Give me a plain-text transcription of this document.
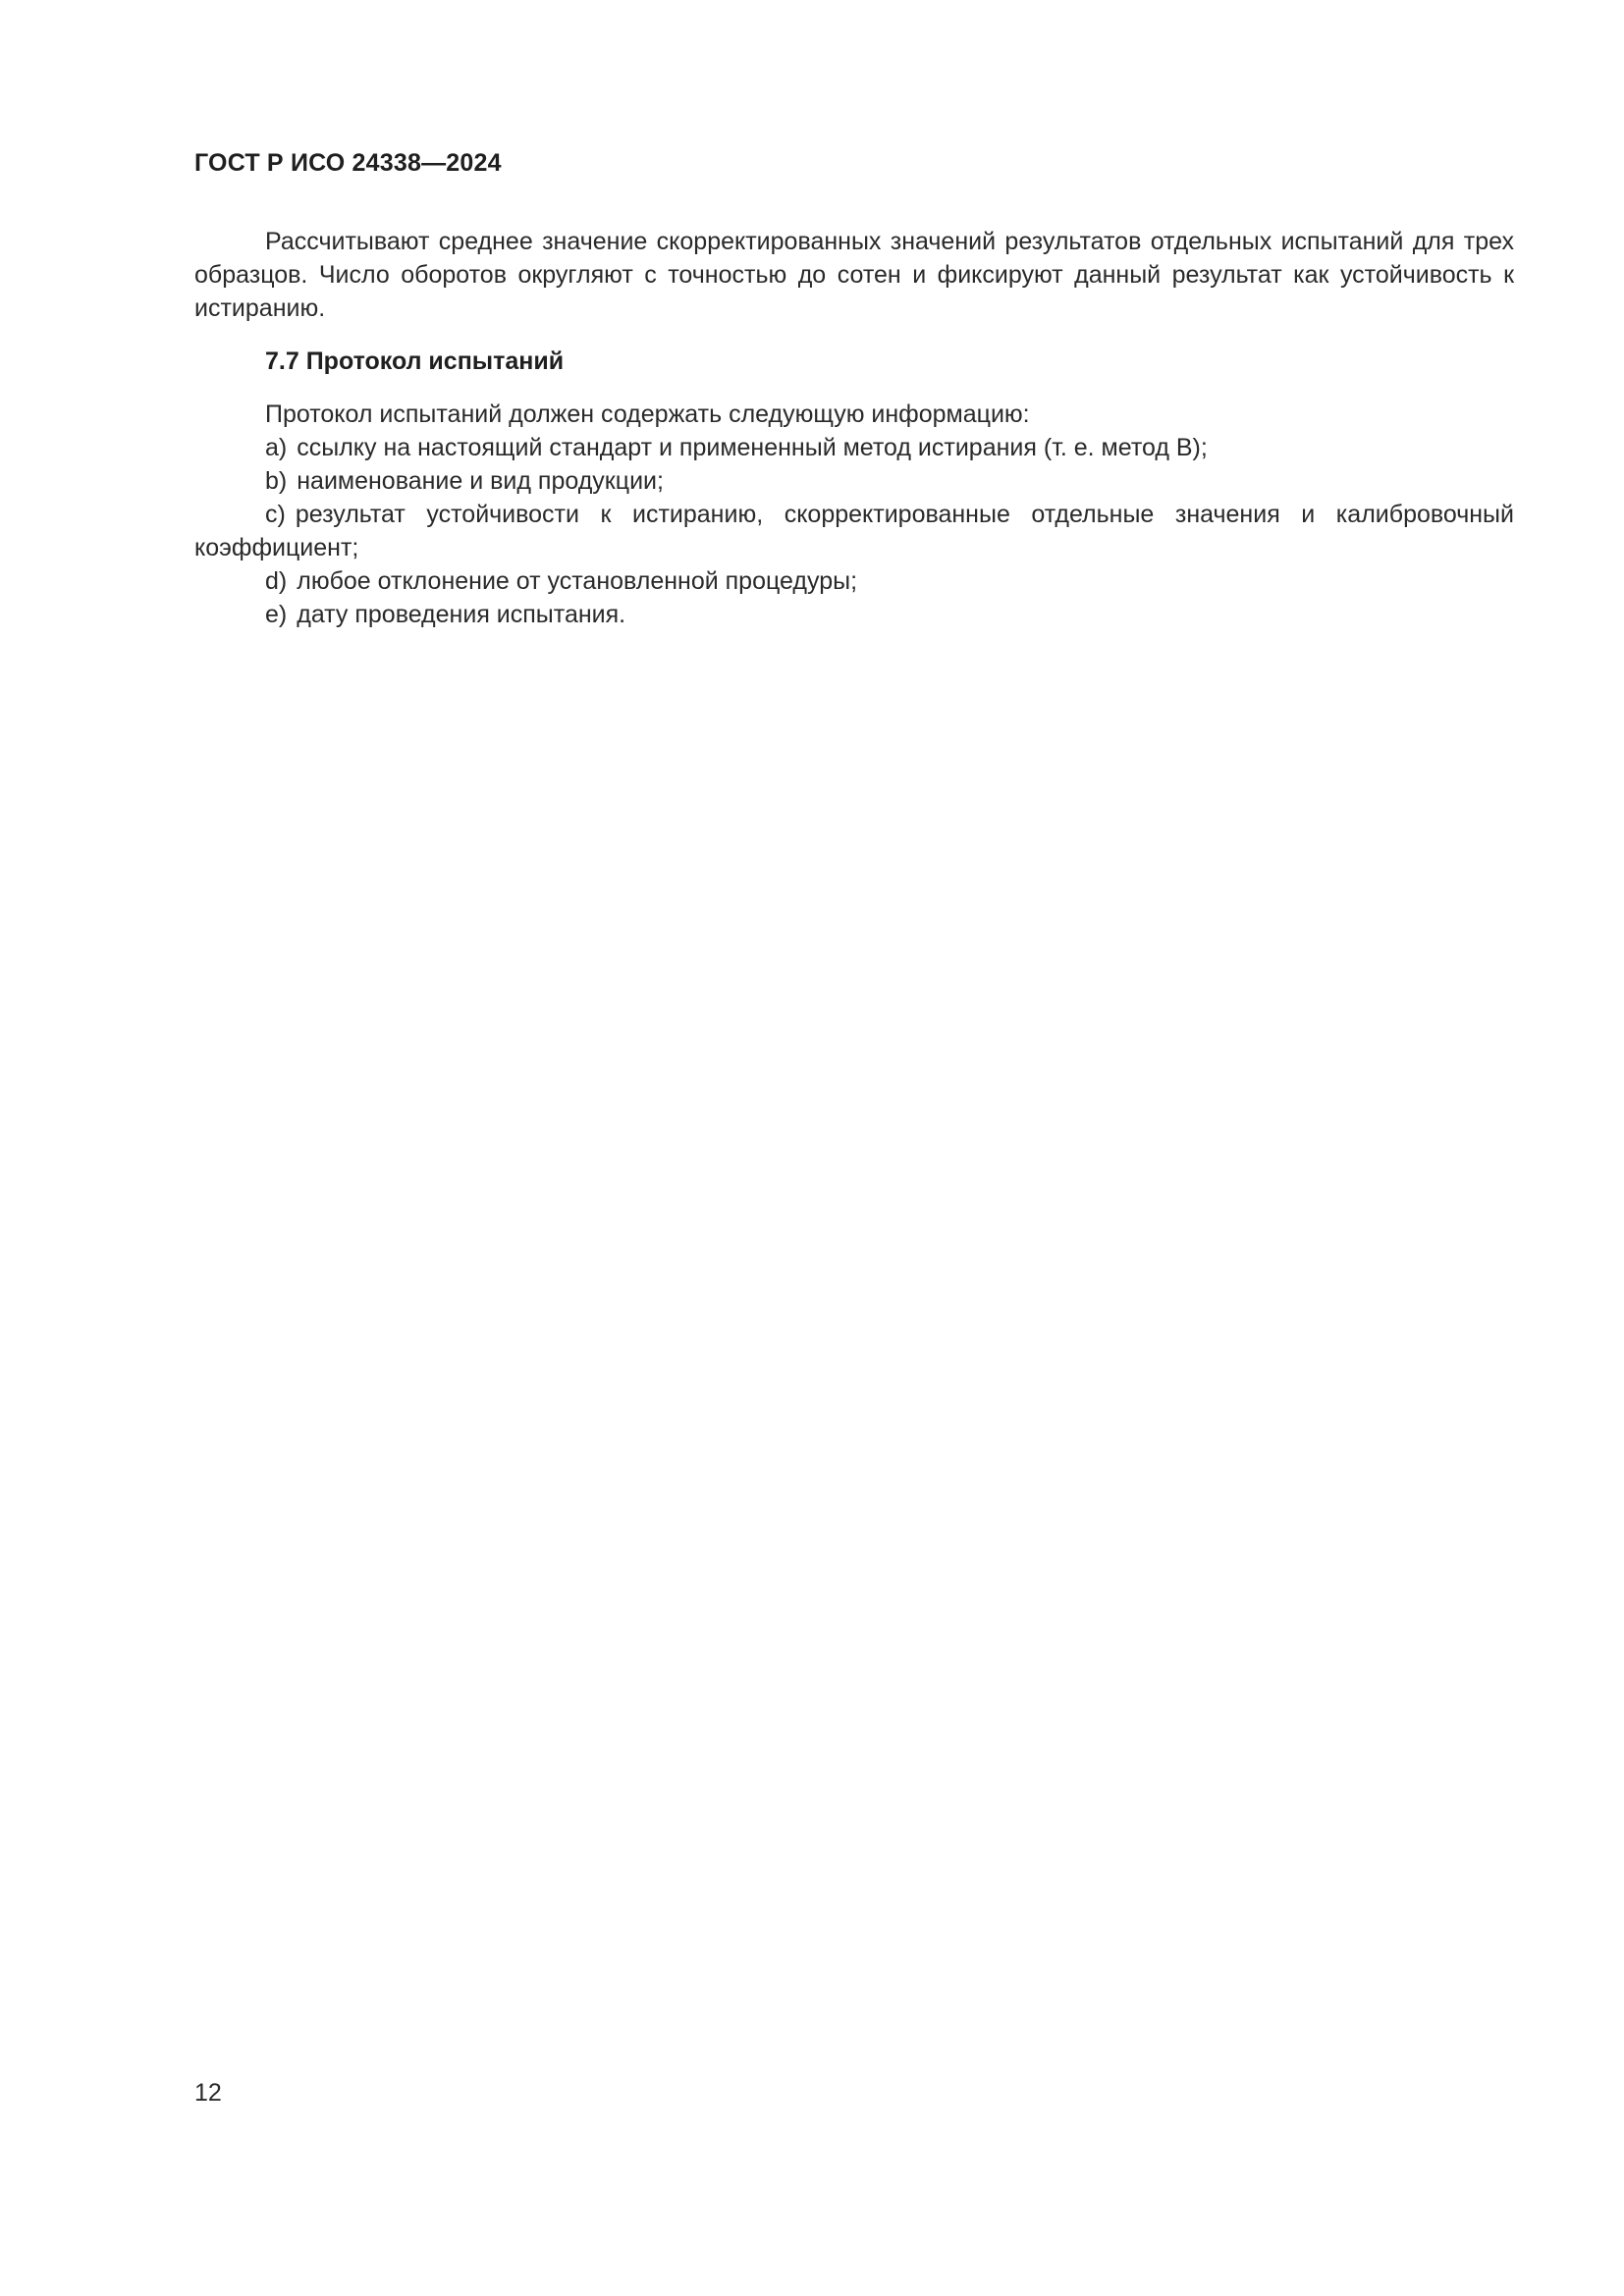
ГОСТ Р ИСО 24338—2024
Рассчитывают среднее значение скорректированных значений результатов отдельных испытаний для трех образцов. Число оборотов округляют с точностью до сотен и фиксируют данный результат как устойчивость к истиранию.
7.7 Протокол испытаний
Протокол испытаний должен содержать следующую информацию:
a) ссылку на настоящий стандарт и примененный метод истирания (т. е. метод B);
b) наименование и вид продукции;
c) результат устойчивости к истиранию, скорректированные отдельные значения и калибровочный коэффициент;
d) любое отклонение от установленной процедуры;
e) дату проведения испытания.
12
